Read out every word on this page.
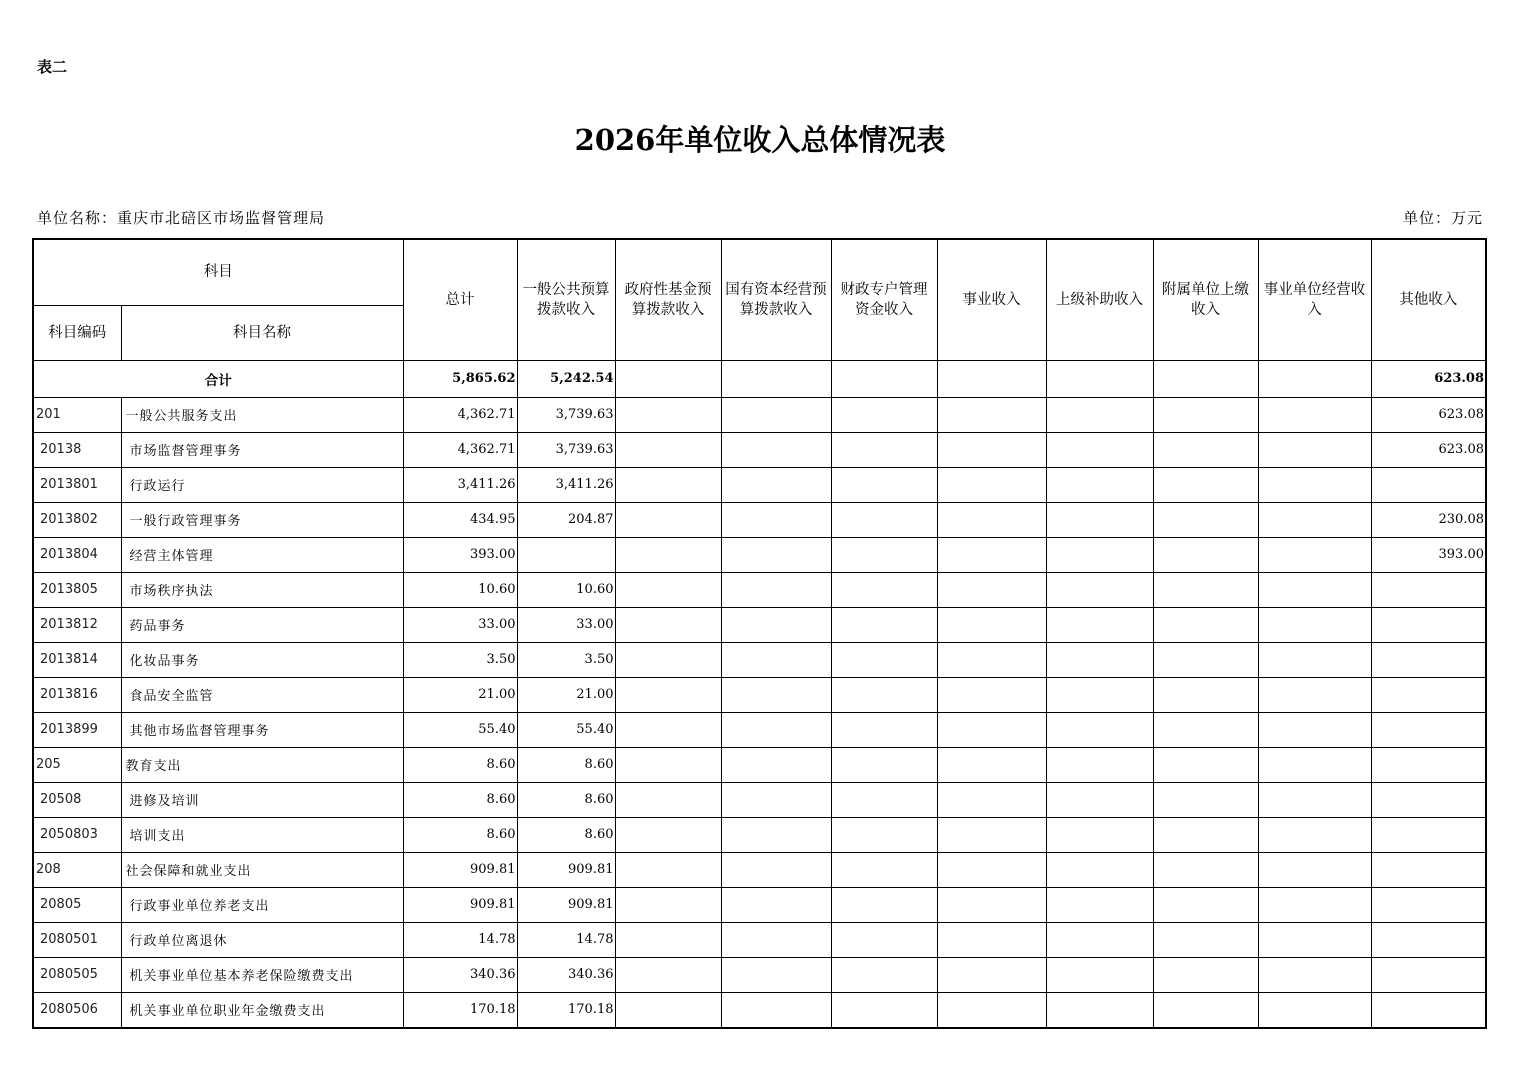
表二
2026年单位收入总体情况表
单位名称：重庆市北碚区市场监督管理局	单位：万元
科目		总计	一般公共预算拨款收入	政府性基金预算拨款收入	国有资本经营预算拨款收入	财政专户管理资金收入	事业收入	上级补助收入	附属单位上缴收入	事业单位经营收入	其他收入
科目编码	科目名称										
合计		5,865.62	5,242.54								623.08
201	一般公共服务支出	4,362.71	3,739.63								623.08
20138	市场监督管理事务	4,362.71	3,739.63								623.08
2013801	行政运行	3,411.26	3,411.26								
2013802	一般行政管理事务	434.95	204.87								230.08
2013804	经营主体管理	393.00									393.00
2013805	市场秩序执法	10.60	10.60								
2013812	药品事务	33.00	33.00								
2013814	化妆品事务	3.50	3.50								
2013816	食品安全监管	21.00	21.00								
2013899	其他市场监督管理事务	55.40	55.40								
205	教育支出	8.60	8.60								
20508	进修及培训	8.60	8.60								
2050803	培训支出	8.60	8.60								
208	社会保障和就业支出	909.81	909.81								
20805	行政事业单位养老支出	909.81	909.81								
2080501	行政单位离退休	14.78	14.78								
2080505	机关事业单位基本养老保险缴费支出	340.36	340.36								
2080506	机关事业单位职业年金缴费支出	170.18	170.18								
